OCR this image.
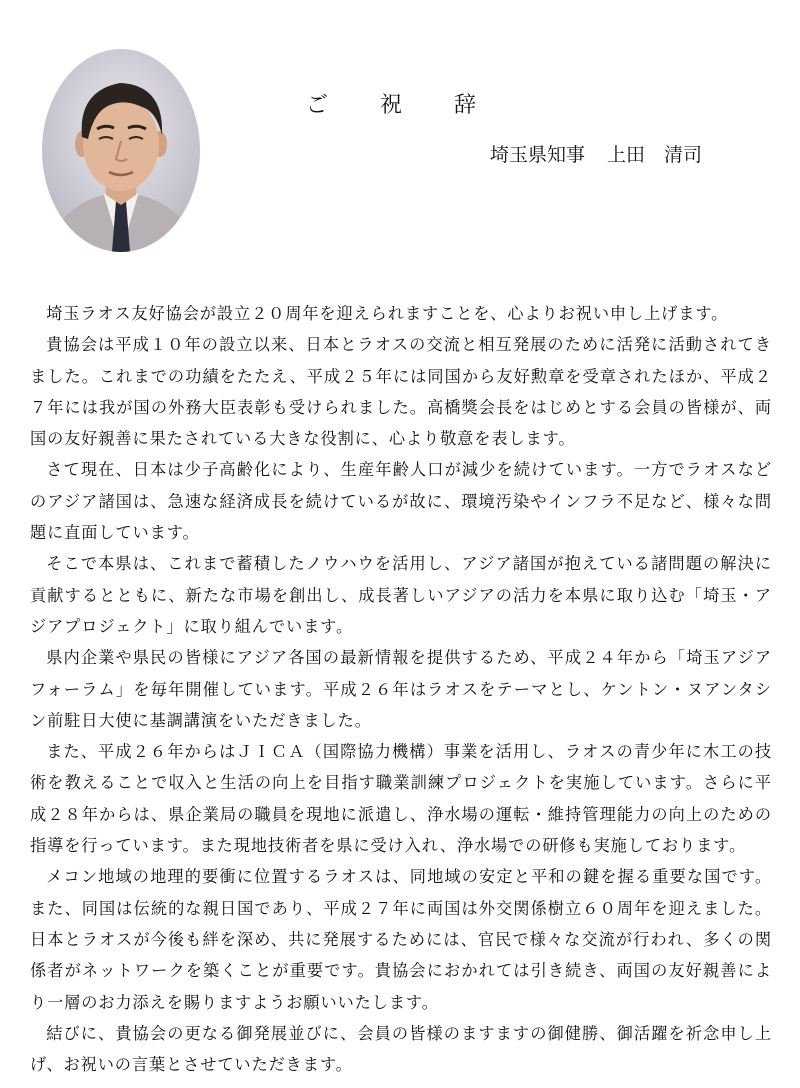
ご 祝 辞
埼玉県知事 上田　清司

埼玉ラオス友好協会が設立２０周年を迎えられますことを、心よりお祝い申し上げます。

貴協会は平成１０年の設立以来、日本とラオスの交流と相互発展のために活発に活動されてきました。これまでの功績をたたえ、平成２５年には同国から友好勲章を受章されたほか、平成２７年には我が国の外務大臣表彰も受けられました。高橋獎会長をはじめとする会員の皆様が、両国の友好親善に果たされている大きな役割に、心より敬意を表します。

さて現在、日本は少子高齢化により、生産年齢人口が減少を続けています。一方でラオスなどのアジア諸国は、急速な経済成長を続けているが故に、環境汚染やインフラ不足など、様々な問題に直面しています。

そこで本県は、これまで蓄積したノウハウを活用し、アジア諸国が抱えている諸問題の解決に貢献するとともに、新たな市場を創出し、成長著しいアジアの活力を本県に取り込む「埼玉・アジアプロジェクト」に取り組んでいます。

県内企業や県民の皆様にアジア各国の最新情報を提供するため、平成２４年から「埼玉アジアフォーラム」を毎年開催しています。平成２６年はラオスをテーマとし、ケントン・ヌアンタシン前駐日大使に基調講演をいただきました。

また、平成２６年からはＪＩＣＡ（国際協力機構）事業を活用し、ラオスの青少年に木工の技術を教えることで収入と生活の向上を目指す職業訓練プロジェクトを実施しています。さらに平成２８年からは、県企業局の職員を現地に派遣し、浄水場の運転・維持管理能力の向上のための指導を行っています。また現地技術者を県に受け入れ、浄水場での研修も実施しております。

メコン地域の地理的要衝に位置するラオスは、同地域の安定と平和の鍵を握る重要な国です。また、同国は伝統的な親日国であり、平成２７年に両国は外交関係樹立６０周年を迎えました。日本とラオスが今後も絆を深め、共に発展するためには、官民で様々な交流が行われ、多くの関係者がネットワークを築くことが重要です。貴協会におかれては引き続き、両国の友好親善により一層のお力添えを賜りますようお願いいたします。

結びに、貴協会の更なる御発展並びに、会員の皆様のますますの御健勝、御活躍を祈念申し上げ、お祝いの言葉とさせていただきます。
